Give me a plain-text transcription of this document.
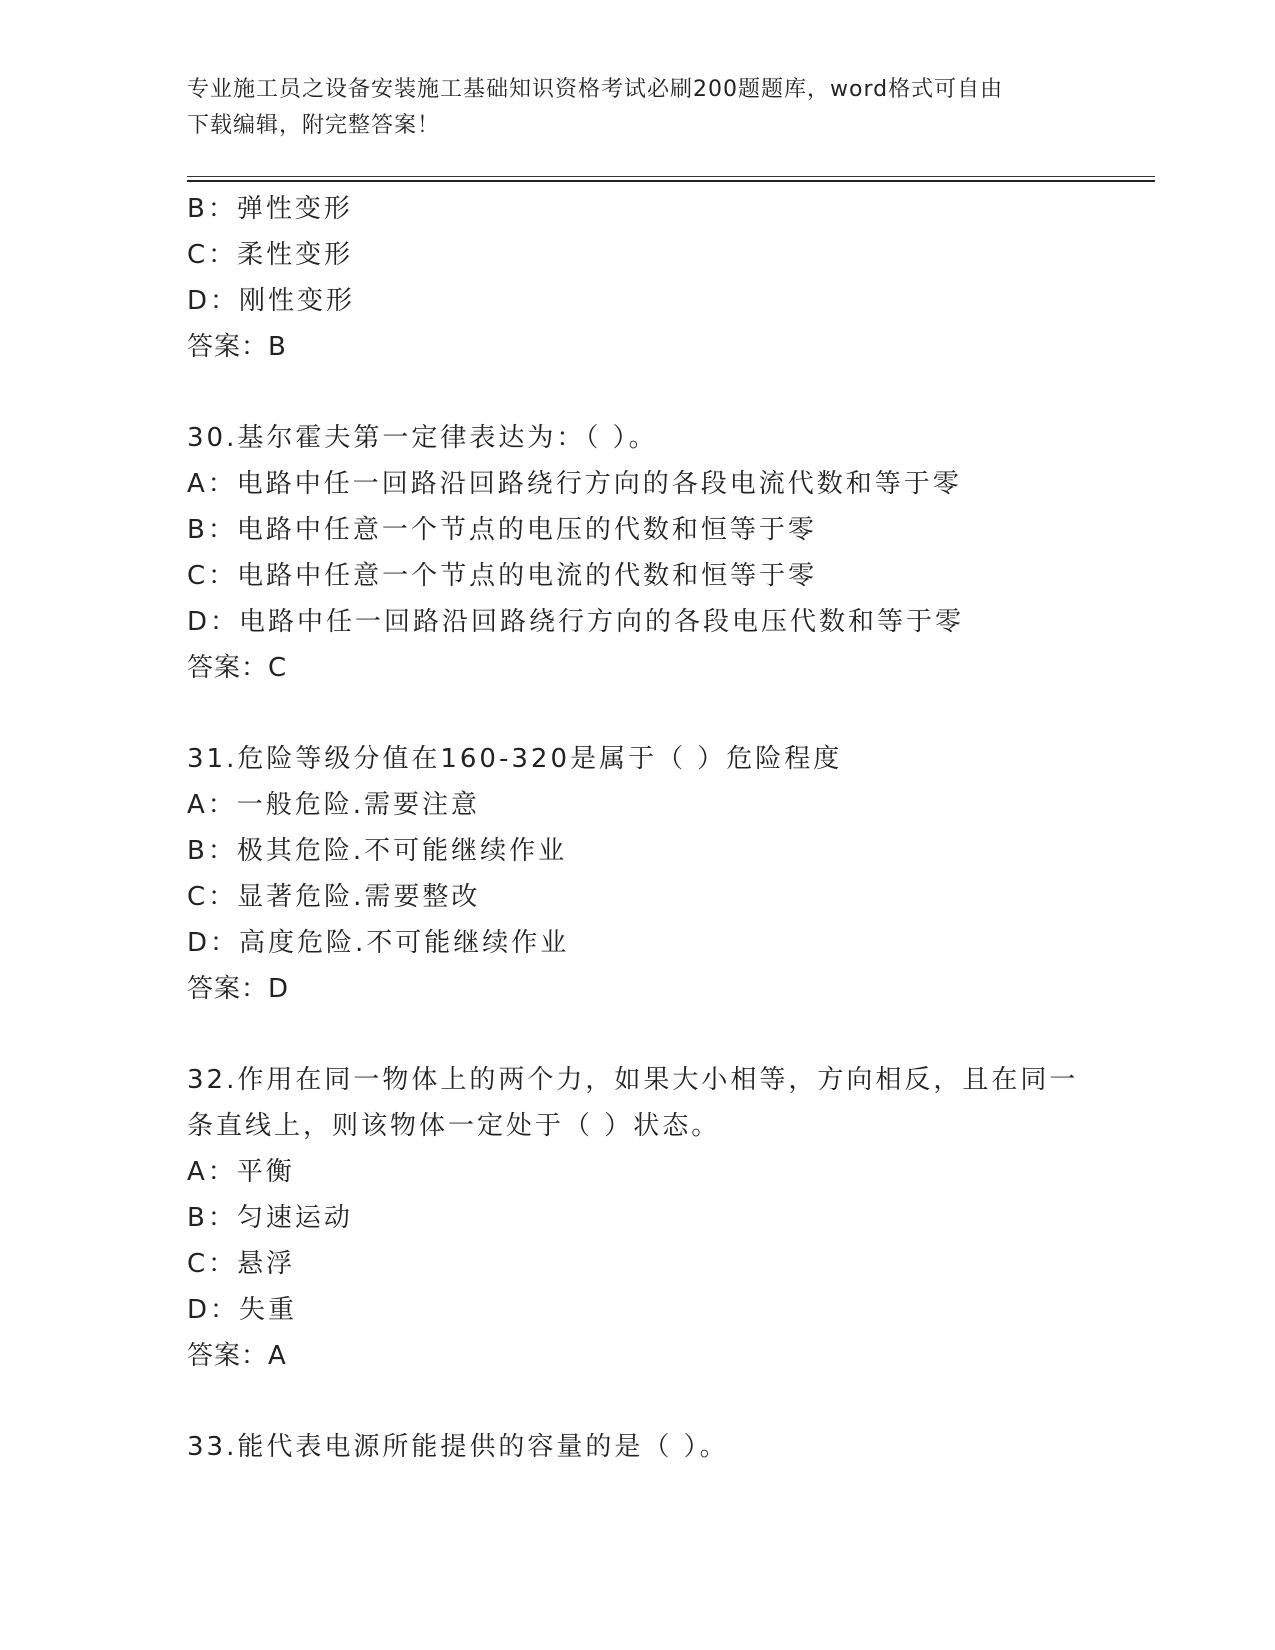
专业施工员之设备安装施工基础知识资格考试必刷200题题库，word格式可自由
下载编辑，附完整答案！
B：弹性变形
C：柔性变形
D：刚性变形
答案：B
30.基尔霍夫第一定律表达为：（ ）。
A：电路中任一回路沿回路绕行方向的各段电流代数和等于零
B：电路中任意一个节点的电压的代数和恒等于零
C：电路中任意一个节点的电流的代数和恒等于零
D：电路中任一回路沿回路绕行方向的各段电压代数和等于零
答案：C
31.危险等级分值在160-320是属于（ ）危险程度
A：一般危险.需要注意
B：极其危险.不可能继续作业
C：显著危险.需要整改
D：高度危险.不可能继续作业
答案：D
32.作用在同一物体上的两个力，如果大小相等，方向相反，且在同一
条直线上，则该物体一定处于（ ）状态。
A：平衡
B：匀速运动
C：悬浮
D：失重
答案：A
33.能代表电源所能提供的容量的是（ ）。
